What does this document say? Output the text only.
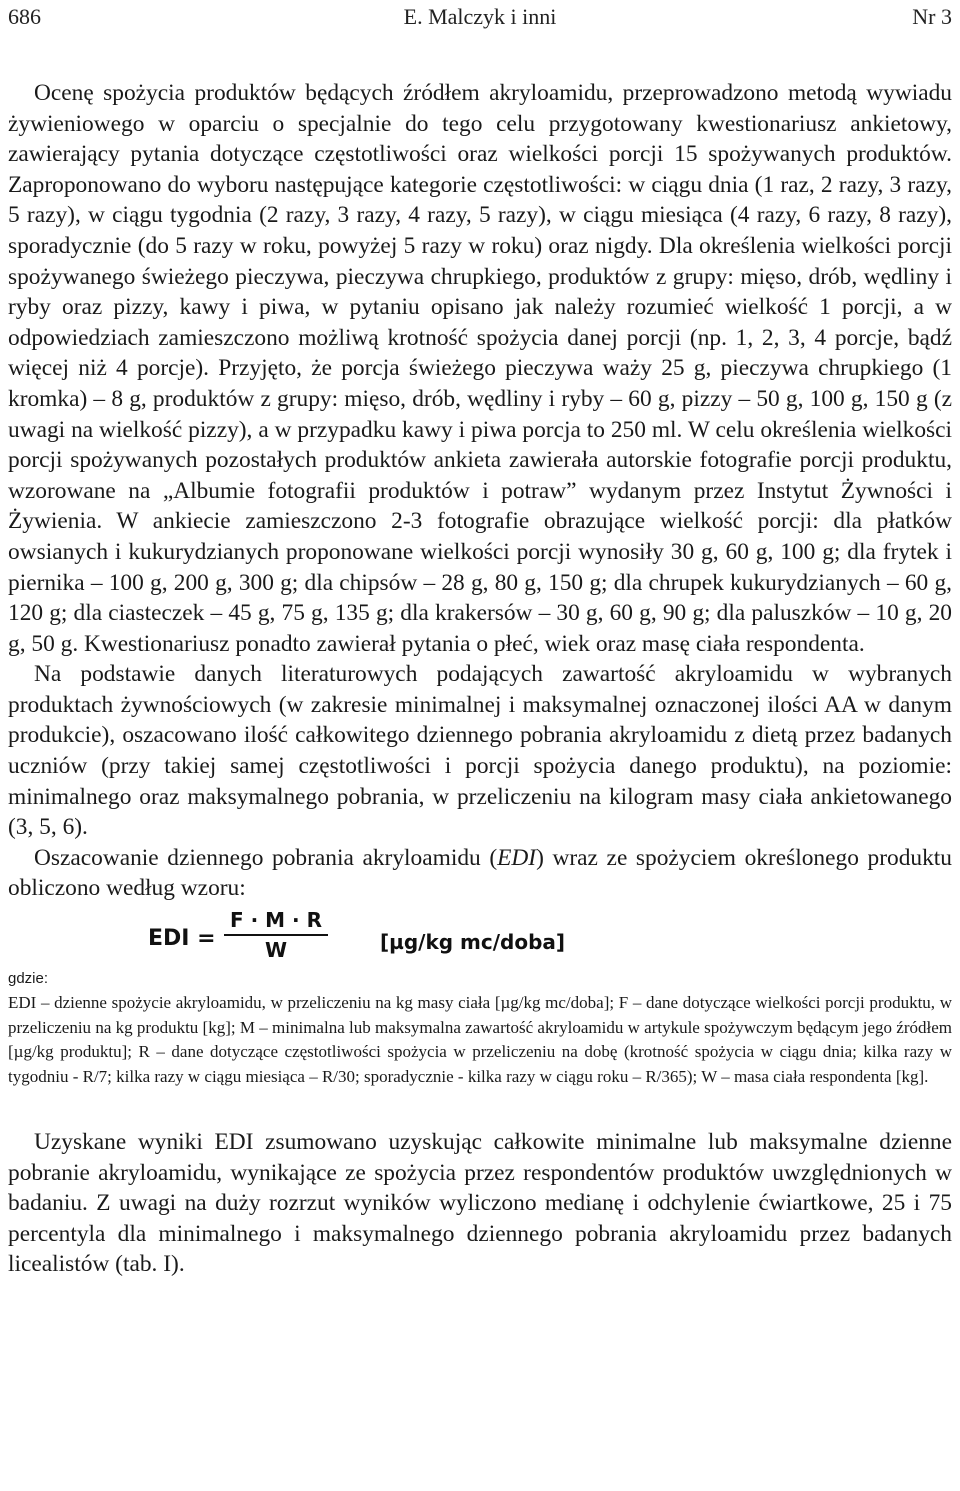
686	E. Malczyk i inni	Nr 3

Ocenę spożycia produktów będących źródłem akryloamidu, przeprowadzono metodą wywiadu żywieniowego w oparciu o specjalnie do tego celu przygotowany kwestionariusz ankietowy, zawierający pytania dotyczące częstotliwości oraz wielkości porcji 15 spożywanych produktów. Zaproponowano do wyboru następujące kategorie częstotliwości: w ciągu dnia (1 raz, 2 razy, 3 razy, 5 razy), w ciągu tygodnia (2 razy, 3 razy, 4 razy, 5 razy), w ciągu miesiąca (4 razy, 6 razy, 8 razy), sporadycznie (do 5 razy w roku, powyżej 5 razy w roku) oraz nigdy. Dla określenia wielkości porcji spożywanego świeżego pieczywa, pieczywa chrupkiego, produktów z grupy: mięso, drób, wędliny i ryby oraz pizzy, kawy i piwa, w pytaniu opisano jak należy rozumieć wielkość 1 porcji, a w odpowiedziach zamieszczono możliwą krotność spożycia danej porcji (np. 1, 2, 3, 4 porcje, bądź więcej niż 4 porcje). Przyjęto, że porcja świeżego pieczywa waży 25 g, pieczywa chrupkiego (1 kromka) – 8 g, produktów z grupy: mięso, drób, wędliny i ryby – 60 g, pizzy – 50 g, 100 g, 150 g (z uwagi na wielkość pizzy), a w przypadku kawy i piwa porcja to 250 ml. W celu określenia wielkości porcji spożywanych pozostałych produktów ankieta zawierała autorskie fotografie porcji produktu, wzorowane na „Albumie fotografii produktów i potraw” wydanym przez Instytut Żywności i Żywienia. W ankiecie zamieszczono 2-3 fotografie obrazujące wielkość porcji: dla płatków owsianych i kukurydzianych proponowane wielkości porcji wynosiły 30 g, 60 g, 100 g; dla frytek i piernika – 100 g, 200 g, 300 g; dla chipsów – 28 g, 80 g, 150 g; dla chrupek kukurydzianych – 60 g, 120 g; dla ciasteczek – 45 g, 75 g, 135 g; dla krakersów – 30 g, 60 g, 90 g; dla paluszków – 10 g, 20 g, 50 g. Kwestionariusz ponadto zawierał pytania o płeć, wiek oraz masę ciała respondenta.

Na podstawie danych literaturowych podających zawartość akryloamidu w wybranych produktach żywnościowych (w zakresie minimalnej i maksymalnej oznaczonej ilości AA w danym produkcie), oszacowano ilość całkowitego dziennego pobrania akryloamidu z dietą przez badanych uczniów (przy takiej samej częstotliwości i porcji spożycia danego produktu), na poziomie: minimalnego oraz maksymalnego pobrania, w przeliczeniu na kilogram masy ciała ankietowanego (3, 5, 6).

Oszacowanie dziennego pobrania akryloamidu (EDI) wraz ze spożyciem określonego produktu obliczono według wzoru:

EDI = $\frac{F \cdot M \cdot R}{W}$	[µg/kg mc/doba]
gdzie:

EDI – dzienne spożycie akryloamidu, w przeliczeniu na kg masy ciała [µg/kg mc/doba]; F – dane dotyczące wielkości porcji produktu, w przeliczeniu na kg produktu [kg]; M – minimalna lub maksymalna zawartość akryloamidu w artykule spożywczym będącym jego źródłem [µg/kg produktu]; R – dane dotyczące częstotliwości spożycia w przeliczeniu na dobę (krotność spożycia w ciągu dnia; kilka razy w tygodniu - R/7; kilka razy w ciągu miesiąca – R/30; sporadycznie - kilka razy w ciągu roku – R/365); W – masa ciała respondenta [kg].

Uzyskane wyniki EDI zsumowano uzyskując całkowite minimalne lub maksymalne dzienne pobranie akryloamidu, wynikające ze spożycia przez respondentów produktów uwzględnionych w badaniu. Z uwagi na duży rozrzut wyników wyliczono medianę i odchylenie ćwiartkowe, 25 i 75 percentyla dla minimalnego i maksymalnego dziennego pobrania akryloamidu przez badanych licealistów (tab. I).
